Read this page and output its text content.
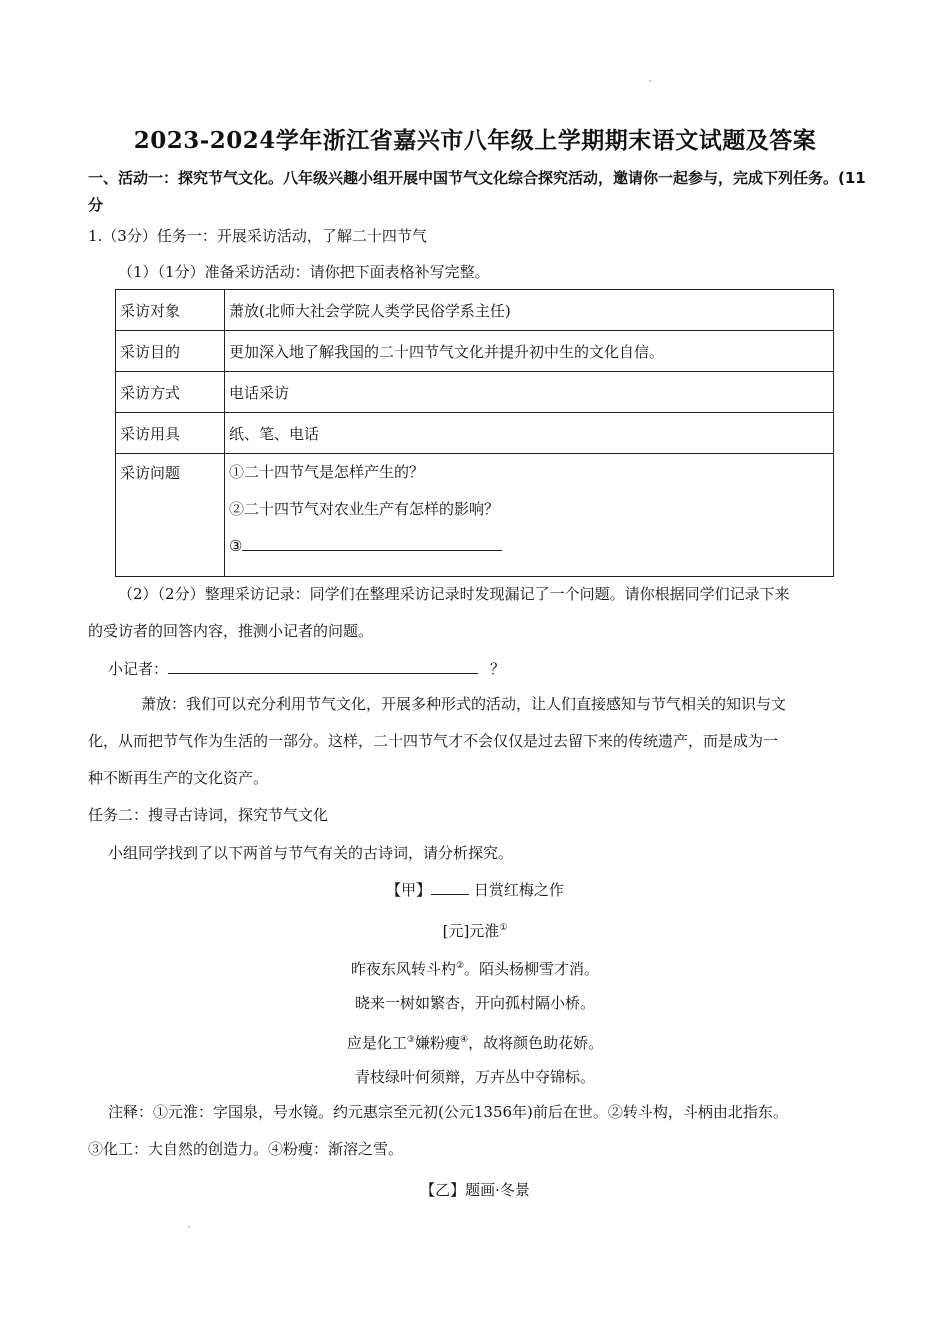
2023-2024学年浙江省嘉兴市八年级上学期期末语文试题及答案
一、活动一：探究节气文化。八年级兴趣小组开展中国节气文化综合探究活动，邀请你一起参与，完成下列任务。(11分
1.（3分）任务一：开展采访活动，了解二十四节气
（1）（1分）准备采访活动：请你把下面表格补写完整。
采访对象	萧放(北师大社会学院人类学民俗学系主任)
采访目的	更加深入地了解我国的二十四节气文化并提升初中生的文化自信。
采访方式	电话采访
采访用具	纸、笔、电话
采访问题	①二十四节气是怎样产生的？
②二十四节气对农业生产有怎样的影响？
③
（2）（2分）整理采访记录：同学们在整理采访记录时发现漏记了一个问题。请你根据同学们记录下来
的受访者的回答内容，推测小记者的问题。
小记者：	？
萧放：我们可以充分利用节气文化，开展多种形式的活动，让人们直接感知与节气相关的知识与文
化，从而把节气作为生活的一部分。这样，二十四节气才不会仅仅是过去留下来的传统遗产，而是成为一
种不断再生产的文化资产。
任务二：搜寻古诗词，探究节气文化
小组同学找到了以下两首与节气有关的古诗词，请分析探究。
【甲】	日赏红梅之作
[元]元淮①
昨夜东风转斗杓②。陌头杨柳雪才消。
晓来一树如繁杏，开向孤村隔小桥。
应是化工③嫌粉瘦④，故将颜色助花娇。
青枝绿叶何须辩，万卉丛中夺锦标。
注释：①元淮：字国泉，号水镜。约元惠宗至元初(公元1356年)前后在世。②转斗构，斗柄由北指东。
③化工：大自然的创造力。④粉瘦：渐溶之雪。
【乙】题画·冬景
